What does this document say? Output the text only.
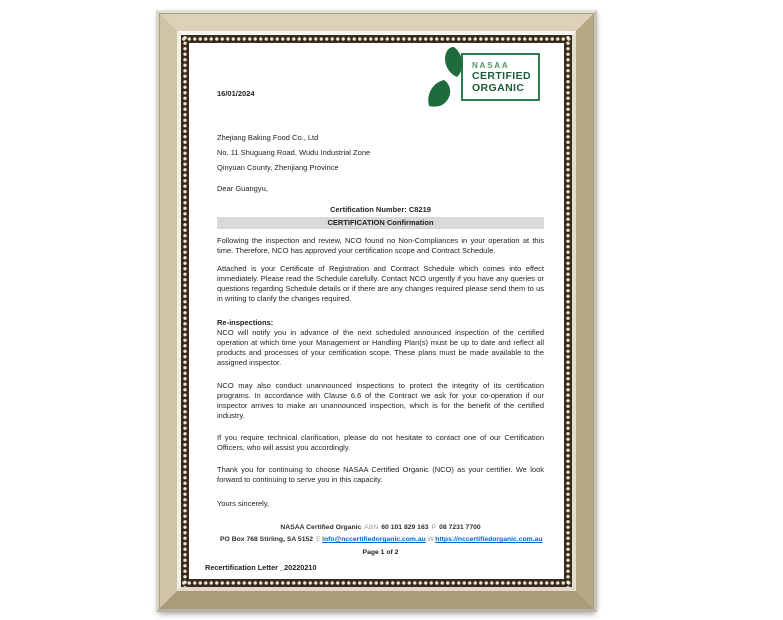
NASAA
CERTIFIED
ORGANIC
16/01/2024
Zhejiang Baking Food Co., Ltd
No. 11 Shuguang Road, Wudu Industrial Zone
Qinyuan County, Zhenjiang Province
Dear Guangyu,
Certification Number: C8219
CERTIFICATION Confirmation
Following the inspection and review, NCO found no Non-Compliances in your operation at this time. Therefore, NCO has approved your certification scope and Contract Schedule.
Attached is your Certificate of Registration and Contract Schedule which comes into effect immediately. Please read the Schedule carefully. Contact NCO urgently if you have any queries or questions regarding Schedule details or if there are any changes required please send them to us in writing to clarify the changes required.
Re-inspections:
NCO will notify you in advance of the next scheduled announced inspection of the certified operation at which time your Management or Handling Plan(s) must be up to date and reflect all products and processes of your certification scope. These plans must be made available to the assigned inspector.
NCO may also conduct unannounced inspections to protect the integrity of its certification programs. In accordance with Clause 6.6 of the Contract we ask for your co-operation if our inspector arrives to make an unannounced inspection, which is for the benefit of the certified industry.
If you require technical clarification, please do not hesitate to contact one of our Certification Officers, who will assist you accordingly.
Thank you for continuing to choose NASAA Certified Organic (NCO) as your certifier. We look forward to continuing to serve you in this capacity.
Yours sincerely,
NASAA Certified Organic ABN 60 101 829 163 P 08 7231 7700
PO Box 768 Stirling, SA 5152 E info@nccertifiedorganic.com.au W https://nccertifiedorganic.com.au
Page 1 of 2
Recertification Letter _20220210
